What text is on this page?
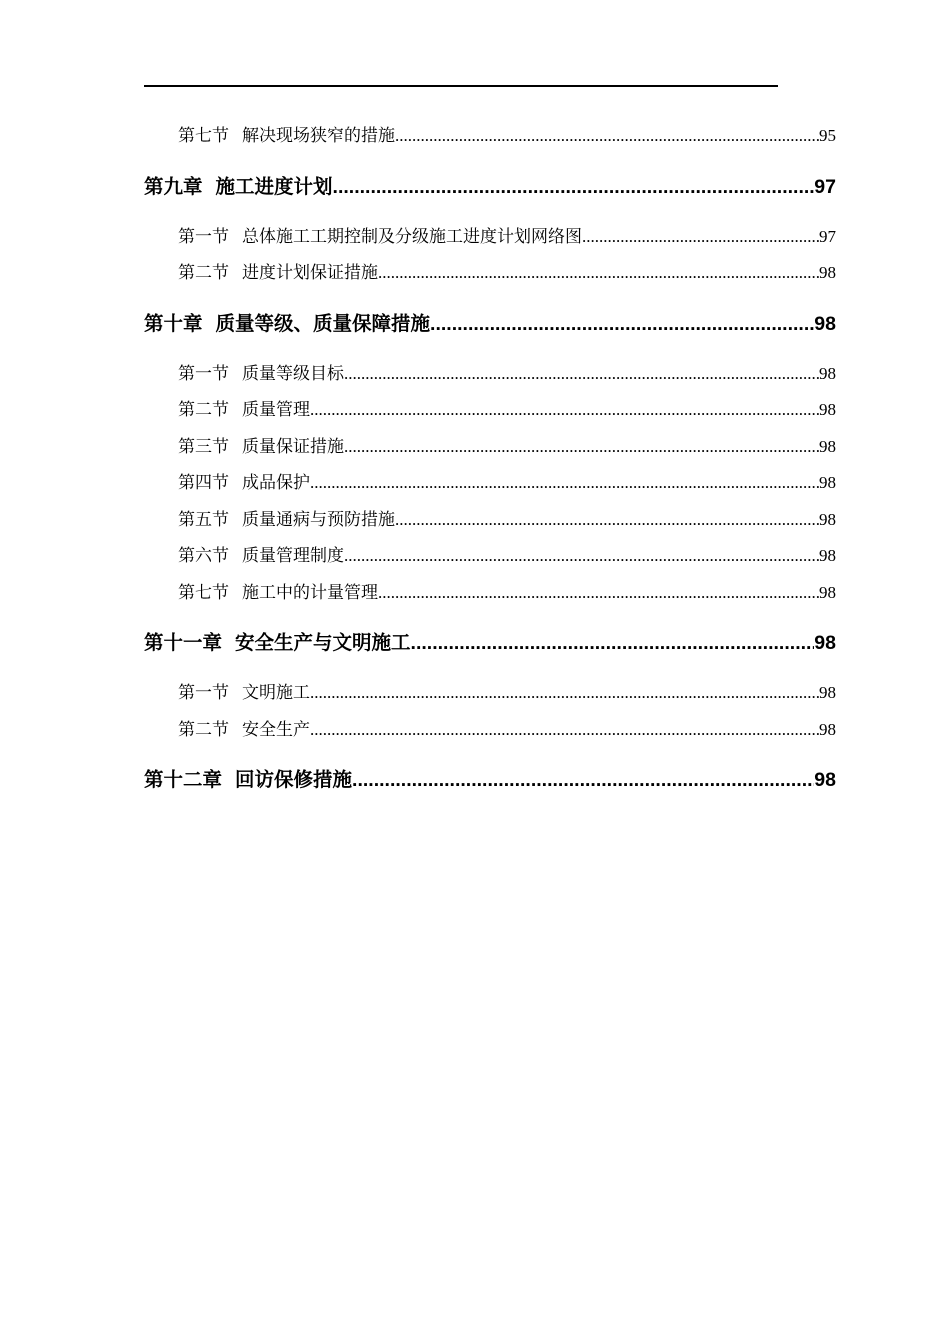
第七节 解决现场狭窄的措施 .....	95
第九章 施工进度计划 .....	97
第一节 总体施工工期控制及分级施工进度计划网络图 .....	97
第二节 进度计划保证措施 .....	98
第十章 质量等级、质量保障措施 .....	98
第一节 质量等级目标 .....	98
第二节 质量管理 .....	98
第三节 质量保证措施 .....	98
第四节 成品保护 .....	98
第五节 质量通病与预防措施 .....	98
第六节 质量管理制度 .....	98
第七节 施工中的计量管理 .....	98
第十一章 安全生产与文明施工 .....	98
第一节 文明施工 .....	98
第二节 安全生产 .....	98
第十二章 回访保修措施 .....	98
